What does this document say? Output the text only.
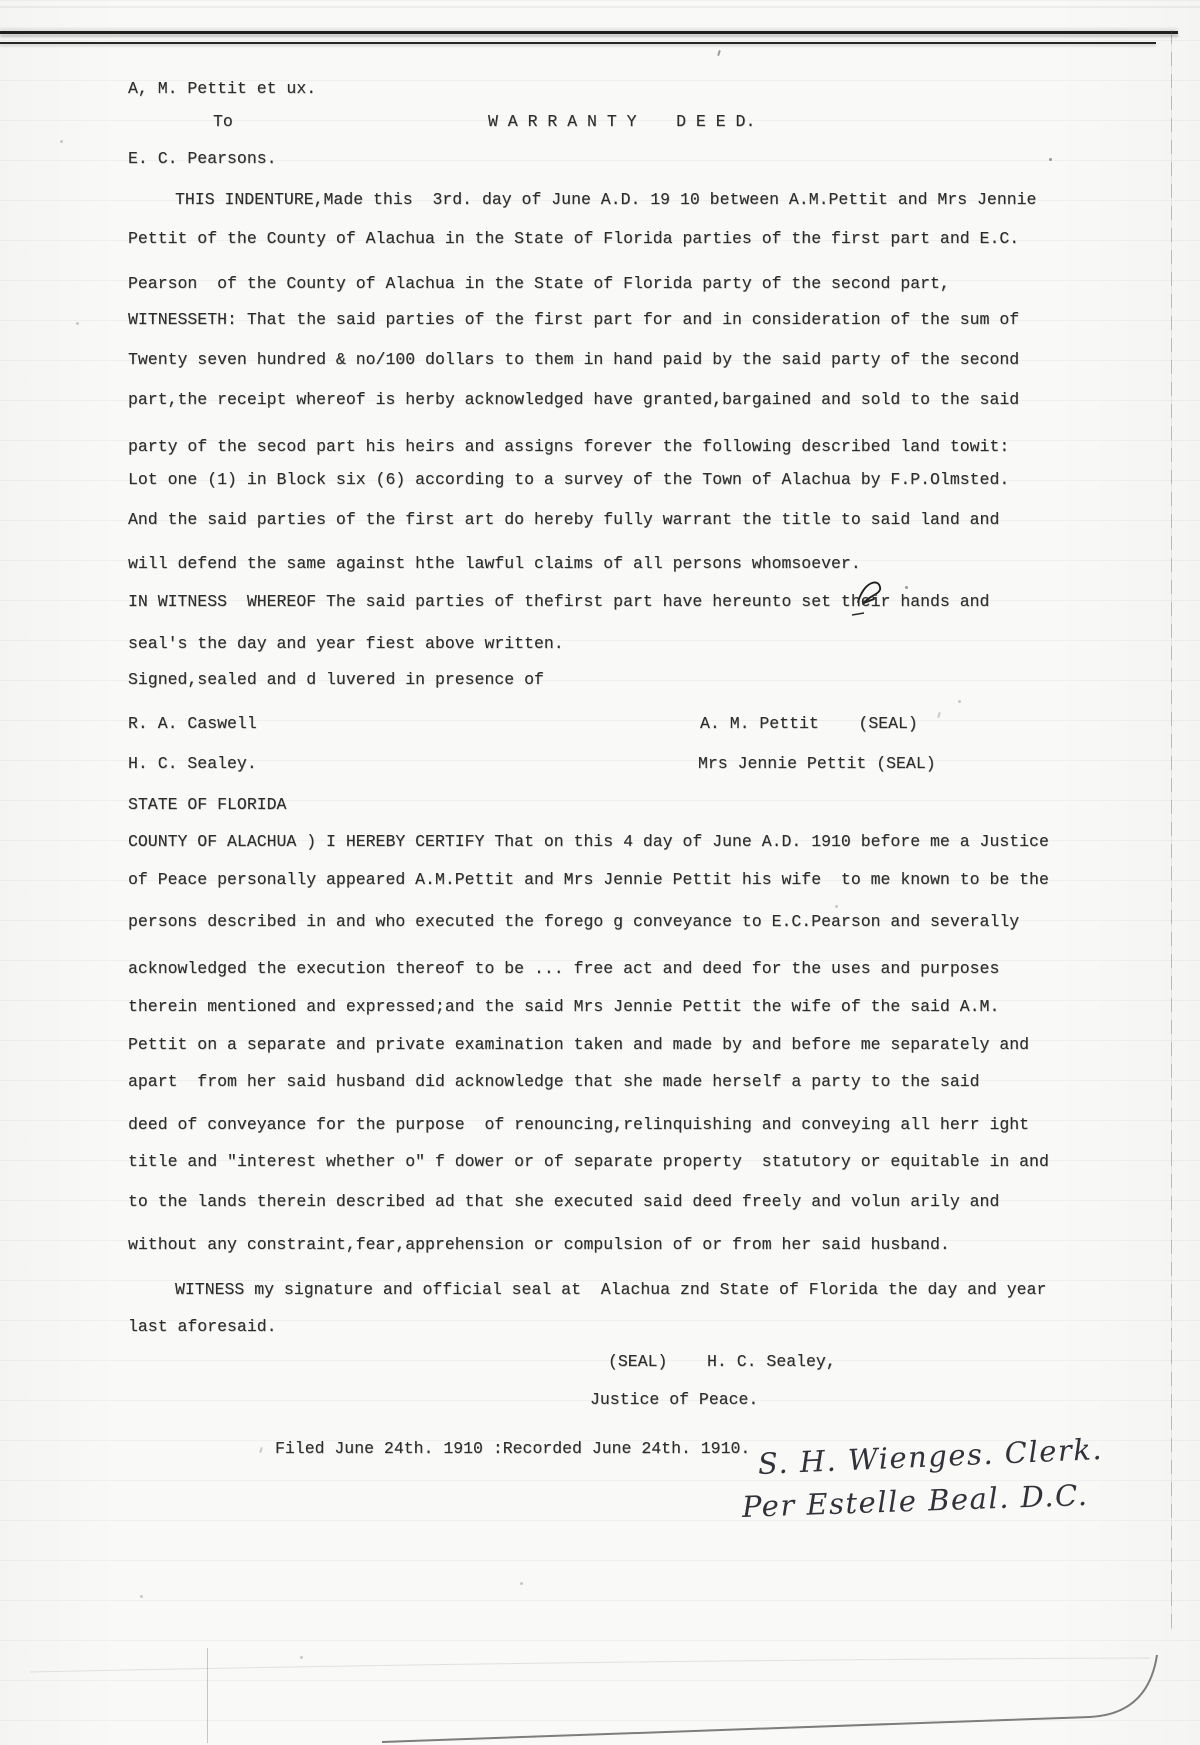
A, M. Pettit et ux.
To	W A R R A N T Y    D E E D.
E. C. Pearsons.
THIS INDENTURE,Made this  3rd. day of June A.D. 19 10 between A.M.Pettit and Mrs Jennie
Pettit of the County of Alachua in the State of Florida parties of the first part and E.C.
Pearson  of the County of Alachua in the State of Florida party of the second part,
WITNESSETH: That the said parties of the first part for and in consideration of the sum of
Twenty seven hundred & no/100 dollars to them in hand paid by the said party of the second
part,the receipt whereof is herby acknowledged have granted,bargained and sold to the said
party of the secod part his heirs and assigns forever the following described land towit:
Lot one (1) in Block six (6) according to a survey of the Town of Alachua by F.P.Olmsted.
And the said parties of the first art do hereby fully warrant the title to said land and
will defend the same against hthe lawful claims of all persons whomsoever.
IN WITNESS  WHEREOF The said parties of thefirst part have hereunto set their hands and
seal's the day and year fiest above written.
Signed,sealed and d luvered in presence of
R. A. Caswell	A. M. Pettit    (SEAL)
H. C. Sealey.	Mrs Jennie Pettit (SEAL)
STATE OF FLORIDA
COUNTY OF ALACHUA ) I HEREBY CERTIFY That on this 4 day of June A.D. 1910 before me a Justice
of Peace personally appeared A.M.Pettit and Mrs Jennie Pettit his wife  to me known to be the
persons described in and who executed the forego g conveyance to E.C.Pearson and severally
acknowledged the execution thereof to be ... free act and deed for the uses and purposes
therein mentioned and expressed;and the said Mrs Jennie Pettit the wife of the said A.M.
Pettit on a separate and private examination taken and made by and before me separately and
apart  from her said husband did acknowledge that she made herself a party to the said
deed of conveyance for the purpose  of renouncing,relinquishing and conveying all herr ight
title and "interest whether o" f dower or of separate property  statutory or equitable in and
to the lands therein described ad that she executed said deed freely and volun arily and
without any constraint,fear,apprehension or compulsion of or from her said husband.
WITNESS my signature and official seal at  Alachua znd State of Florida the day and year
last aforesaid.
(SEAL)    H. C. Sealey,
Justice of Peace.
Filed June 24th. 1910 :Recorded June 24th. 1910. S. H. Wienges. Clerk.
Per Estelle Beal. D.C.
